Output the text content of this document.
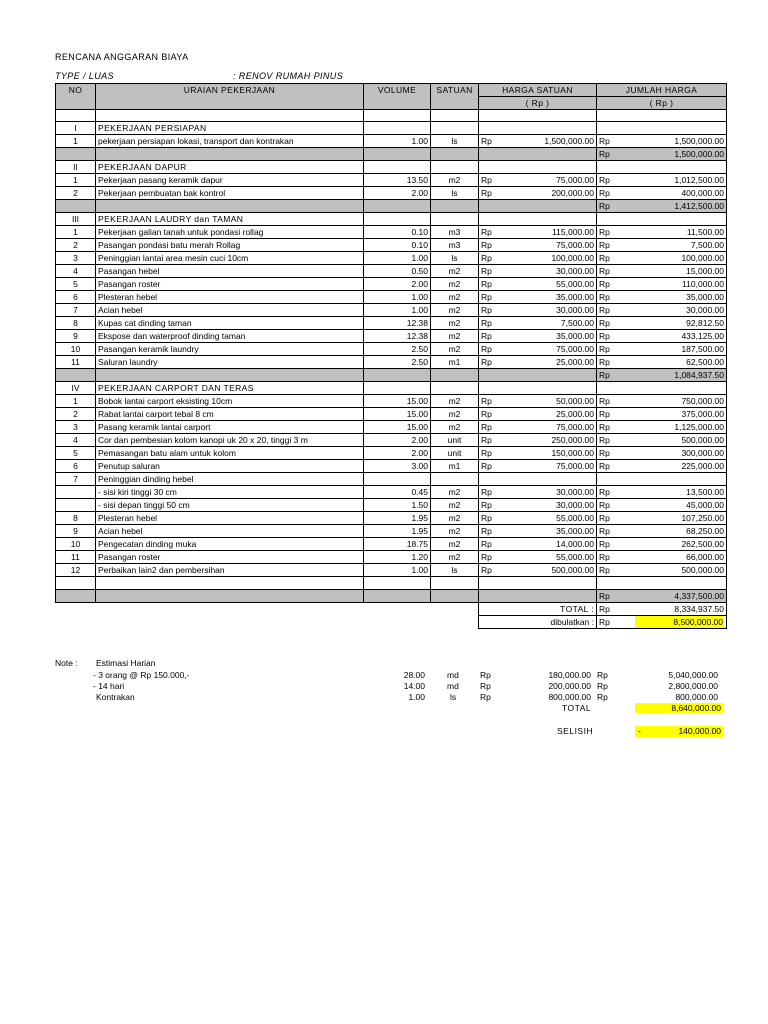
RENCANA ANGGARAN BIAYA
TYPE / LUAS	: RENOV RUMAH PINUS
NO	URAIAN PEKERJAAN	VOLUME	SATUAN	HARGA SATUAN	JUMLAH HARGA
				( Rp )	( Rp )

I	PEKERJAAN PERSIAPAN				
1	pekerjaan persiapan lokasi, transport dan kontrakan	1.00	ls	Rp 1,500,000.00	Rp 1,500,000.00

					Rp 1,500,000.00

II	PEKERJAAN DAPUR				
1	Pekerjaan pasang keramik dapur	13.50	m2	Rp 75,000.00	Rp 1,012,500.00

2	Pekerjaan pembuatan bak kontrol	2.00	ls	Rp 200,000.00	Rp 400,000.00

					Rp 1,412,500.00

III	PEKERJAAN LAUDRY dan TAMAN				
1	Pekerjaan galian tanah untuk pondasi rollag	0.10	m3	Rp 115,000.00	Rp 11,500.00

2	Pasangan pondasi batu merah Rollag	0.10	m3	Rp 75,000.00	Rp 7,500.00

3	Peninggian lantai area mesin cuci 10cm	1.00	ls	Rp 100,000.00	Rp 100,000.00

4	Pasangan hebel	0.50	m2	Rp 30,000.00	Rp 15,000.00

5	Pasangan roster	2.00	m2	Rp 55,000.00	Rp 110,000.00

6	Plesteran hebel	1.00	m2	Rp 35,000.00	Rp 35,000.00

7	Acian hebel	1.00	m2	Rp 30,000.00	Rp 30,000.00

8	Kupas cat dinding taman	12.38	m2	Rp 7,500.00	Rp 92,812.50

9	Ekspose dan waterproof dinding taman	12.38	m2	Rp 35,000.00	Rp 433,125.00

10	Pasangan keramik laundry	2.50	m2	Rp 75,000.00	Rp 187,500.00

11	Saluran laundry	2.50	m1	Rp 25,000.00	Rp 62,500.00

					Rp 1,084,937.50

IV	PEKERJAAN CARPORT DAN TERAS				
1	Bobok lantai carport eksisting 10cm	15.00	m2	Rp 50,000.00	Rp 750,000.00

2	Rabat lantai carport tebal 8 cm	15.00	m2	Rp 25,000.00	Rp 375,000.00

3	Pasang keramik lantai carport	15.00	m2	Rp 75,000.00	Rp 1,125,000.00

4	Cor dan pembesian kolom kanopi uk 20 x 20, tinggi 3 m	2.00	unit	Rp 250,000.00	Rp 500,000.00

5	Pemasangan batu alam untuk kolom	2.00	unit	Rp 150,000.00	Rp 300,000.00

6	Penutup saluran	3.00	m1	Rp 75,000.00	Rp 225,000.00

7	Peninggian dinding hebel				
	- sisi kiri tinggi 30 cm	0.45	m2	Rp 30,000.00	Rp 13,500.00

	- sisi depan tinggi 50 cm	1.50	m2	Rp 30,000.00	Rp 45,000.00

8	Plesteran hebel	1.95	m2	Rp 55,000.00	Rp 107,250.00

9	Acian hebel	1.95	m2	Rp 35,000.00	Rp 68,250.00

10	Pengecatan dinding muka	18.75	m2	Rp 14,000.00	Rp 262,500.00

11	Pasangan roster	1.20	m2	Rp 55,000.00	Rp 66,000.00

12	Perbaikan lain2 dan pembersihan	1.00	ls	Rp 500,000.00	Rp 500,000.00

					Rp 4,337,500.00

				TOTAL :	Rp 8,334,937.50

				dibulatkan :	Rp 8,500,000.00
Note : Estimasi Harian
- 3 orang @ Rp 150.000,-	28.00	md Rp	180,000.00 Rp	5,040,000.00
- 14 hari	14.00	md Rp	200,000.00 Rp	2,800,000.00
Kontrakan	1.00	ls	Rp	800,000.00 Rp	800,000.00
TOTAL	8,640,000.00
SELISIH	-	140,000.00
